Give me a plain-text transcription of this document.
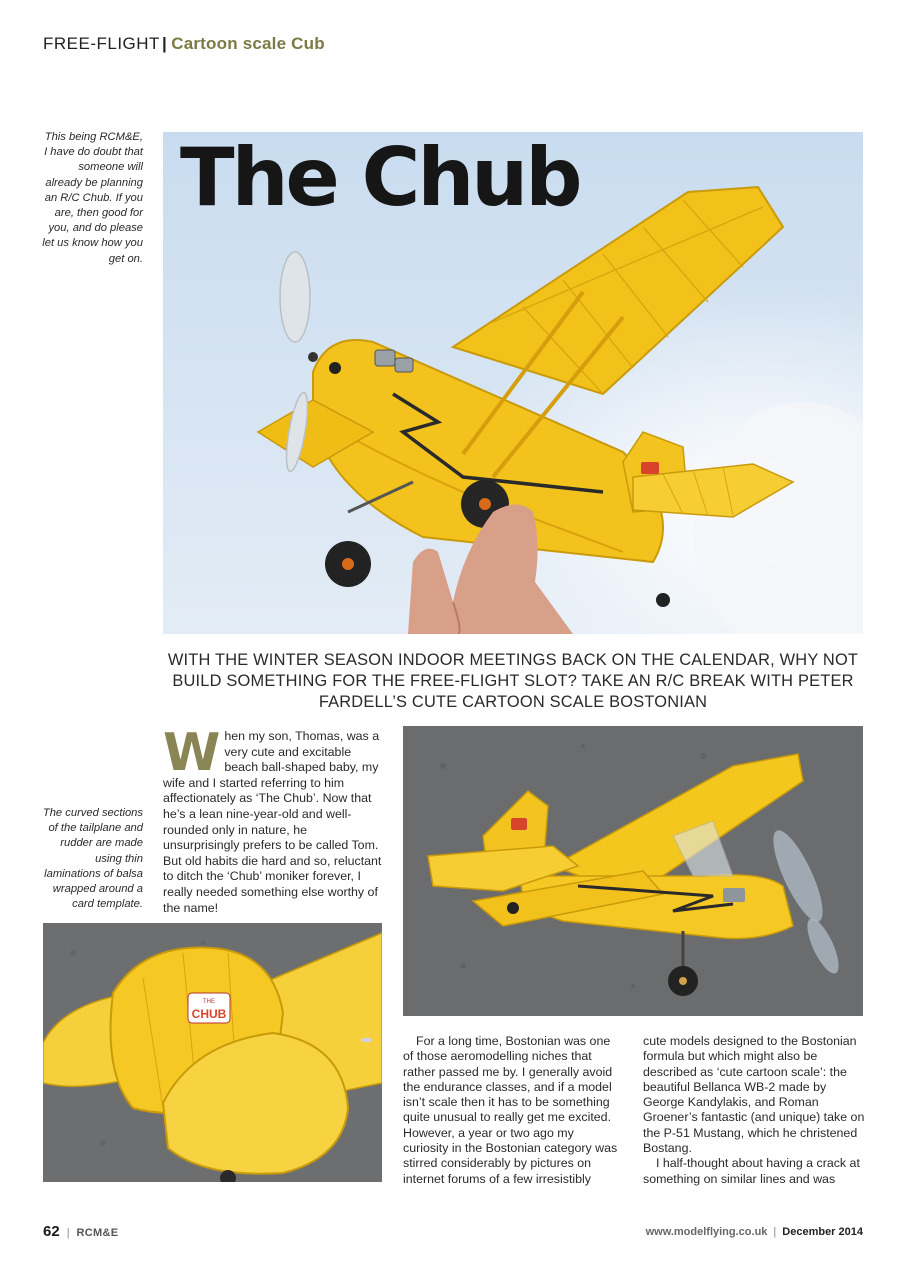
FREE-FLIGHT | Cartoon scale Cub
This being RCM&E, I have do doubt that someone will already be planning an R/C Chub. If you are, then good for you, and do please let us know how you get on.
The curved sections of the tailplane and rudder are made using thin laminations of balsa wrapped around a card template.
The Chub
WITH THE WINTER SEASON INDOOR MEETINGS BACK ON THE CALENDAR, WHY NOT BUILD SOMETHING FOR THE FREE-FLIGHT SLOT? TAKE AN R/C BREAK WITH PETER FARDELL’S CUTE CARTOON SCALE BOSTONIAN
When my son, Thomas, was a very cute and excitable beach ball-shaped baby, my wife and I started referring to him affectionately as ‘The Chub’. Now that he’s a lean nine-year-old and well-rounded only in nature, he unsurprisingly prefers to be called Tom. But old habits die hard and so, reluctant to ditch the ‘Chub’ moniker forever, I really needed something else worthy of the name!
THE
CHUB

For a long time, Bostonian was one of those aeromodelling niches that rather passed me by. I generally avoid the endurance classes, and if a model isn’t scale then it has to be something quite unusual to really get me excited. However, a year or two ago my curiosity in the Bostonian category was stirred considerably by pictures on internet forums of a few irresistibly

cute models designed to the Bostonian formula but which might also be described as ‘cute cartoon scale’: the beautiful Bellanca WB-2 made by George Kandylakis, and Roman Groener’s fantastic (and unique) take on the P-51 Mustang, which he christened Bostang.

I half-thought about having a crack at something on similar lines and was

62 | RCM&E	www.modelflying.co.uk | December 2014
